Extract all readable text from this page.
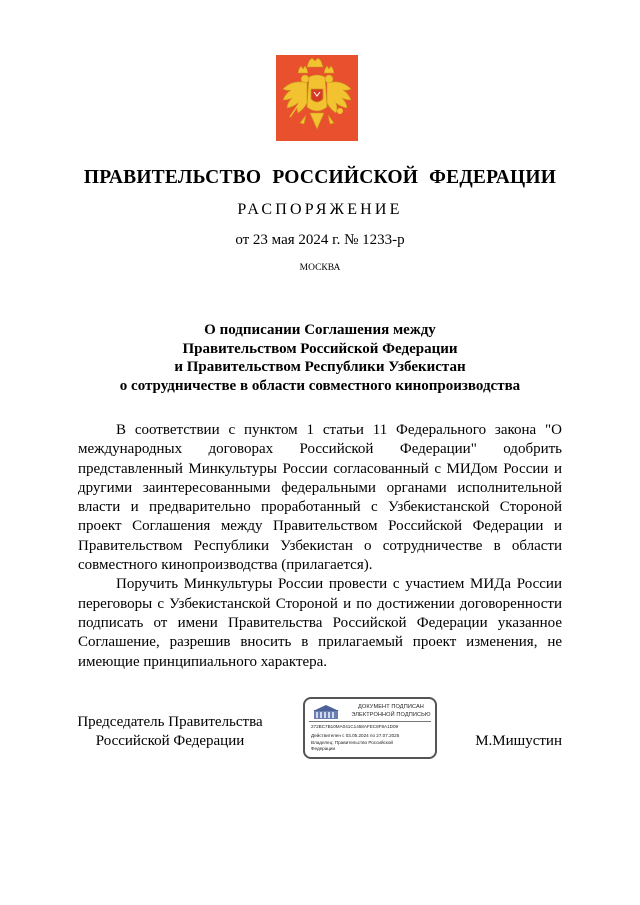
ПРАВИТЕЛЬСТВО РОССИЙСКОЙ ФЕДЕРАЦИИ
РАСПОРЯЖЕНИЕ
от 23 мая 2024 г. № 1233-р
МОСКВА
О подписании Соглашения между
Правительством Российской Федерации
и Правительством Республики Узбекистан
о сотрудничестве в области совместного кинопроизводства

В соответствии с пунктом 1 статьи 11 Федерального закона "О международных договорах Российской Федерации" одобрить представленный Минкультуры России согласованный с МИДом России и другими заинтересованными федеральными органами исполнительной власти и предварительно проработанный с Узбекистанской Стороной проект Соглашения между Правительством Российской Федерации и Правительством Республики Узбекистан о сотрудничестве в области совместного кинопроизводства (прилагается).

Поручить Минкультуры России провести с участием МИДа России переговоры с Узбекистанской Стороной и по достижении договоренности подписать от имени Правительства Российской Федерации указанное Соглашение, разрешив вносить в прилагаемый проект изменения, не имеющие принципиального характера.

Председатель Правительства
Российской Федерации
ДОКУМЕНТ ПОДПИСАН
ЭЛЕКТРОННОЙ ПОДПИСЬЮ
272BC7B10MA041C1458AFEC8F8A1D09
Действителен с 03.05.2024 по 27.07.2025
Владелец: Правительство Российской
Федерации	М.Мишустин
